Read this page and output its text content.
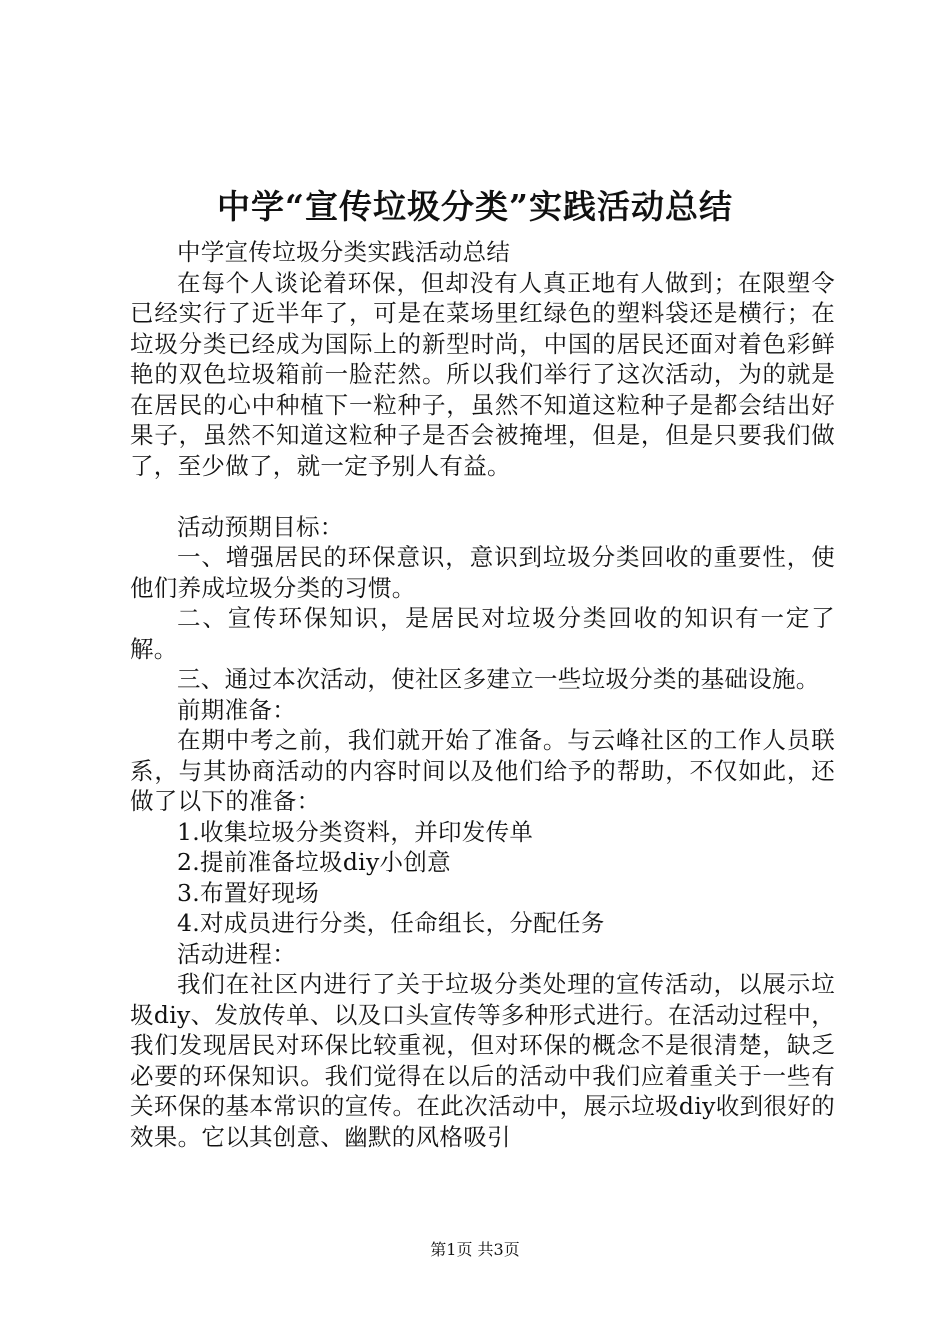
中学“宣传垃圾分类”实践活动总结

中学宣传垃圾分类实践活动总结

在每个人谈论着环保，但却没有人真正地有人做到；在限塑令已经实行了近半年了，可是在菜场里红绿色的塑料袋还是横行；在垃圾分类已经成为国际上的新型时尚，中国的居民还面对着色彩鲜艳的双色垃圾箱前一脸茫然。所以我们举行了这次活动，为的就是在居民的心中种植下一粒种子，虽然不知道这粒种子是都会结出好果子，虽然不知道这粒种子是否会被掩埋，但是，但是只要我们做了，至少做了，就一定予别人有益。

活动预期目标：

一、增强居民的环保意识，意识到垃圾分类回收的重要性，使他们养成垃圾分类的习惯。

二、宣传环保知识，是居民对垃圾分类回收的知识有一定了解。

三、通过本次活动，使社区多建立一些垃圾分类的基础设施。

前期准备：

在期中考之前，我们就开始了准备。与云峰社区的工作人员联系，与其协商活动的内容时间以及他们给予的帮助，不仅如此，还做了以下的准备：

1.收集垃圾分类资料，并印发传单

2.提前准备垃圾diy小创意

3.布置好现场

4.对成员进行分类，任命组长，分配任务

活动进程：

我们在社区内进行了关于垃圾分类处理的宣传活动，以展示垃圾diy、发放传单、以及口头宣传等多种形式进行。在活动过程中，我们发现居民对环保比较重视，但对环保的概念不是很清楚，缺乏必要的环保知识。我们觉得在以后的活动中我们应着重关于一些有关环保的基本常识的宣传。在此次活动中，展示垃圾diy收到很好的效果。它以其创意、幽默的风格吸引

第1页 共3页
